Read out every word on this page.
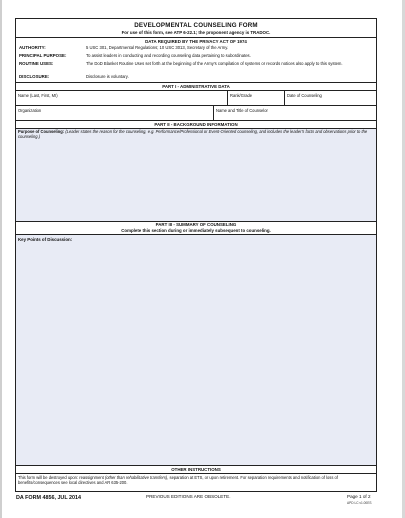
DEVELOPMENTAL COUNSELING FORM
For use of this form, see ATP 6-22.1; the proponent agency is TRADOC.
DATA REQUIRED BY THE PRIVACY ACT OF 1974
AUTHORITY:	5 USC 301, Departmental Regulations; 10 USC 3013, Secretary of the Army.
PRINCIPAL PURPOSE:	To assist leaders in conducting and recording counseling data pertaining to subordinates.
ROUTINE USES:	The DoD Blanket Routine Uses set forth at the beginning of the Army's compilation of systems or records notices also apply to this system.
DISCLOSURE:	Disclosure is voluntary.
PART I - ADMINISTRATIVE DATA
Name (Last, First, MI)	Rank/Grade	Date of Counseling
Organization	Name and Title of Counselor
PART II - BACKGROUND INFORMATION
Purpose of Counseling: (Leader states the reason for the counseling, e.g. Performance/Professional or Event-Oriented counseling, and includes the leader's facts and observations prior to the counseling.)
PART III - SUMMARY OF COUNSELING
Complete this section during or immediately subsequent to counseling.
Key Points of Discussion:
OTHER INSTRUCTIONS
This form will be destroyed upon: reassignment (other than rehabilitative transfers), separation at ETS, or upon retirement. For separation requirements and notification of loss of benefits/consequences see local directives and AR 635-200.
DA FORM 4856, JUL 2014	PREVIOUS EDITIONS ARE OBSOLETE.	Page 1 of 2
APD LC v1.00ES
